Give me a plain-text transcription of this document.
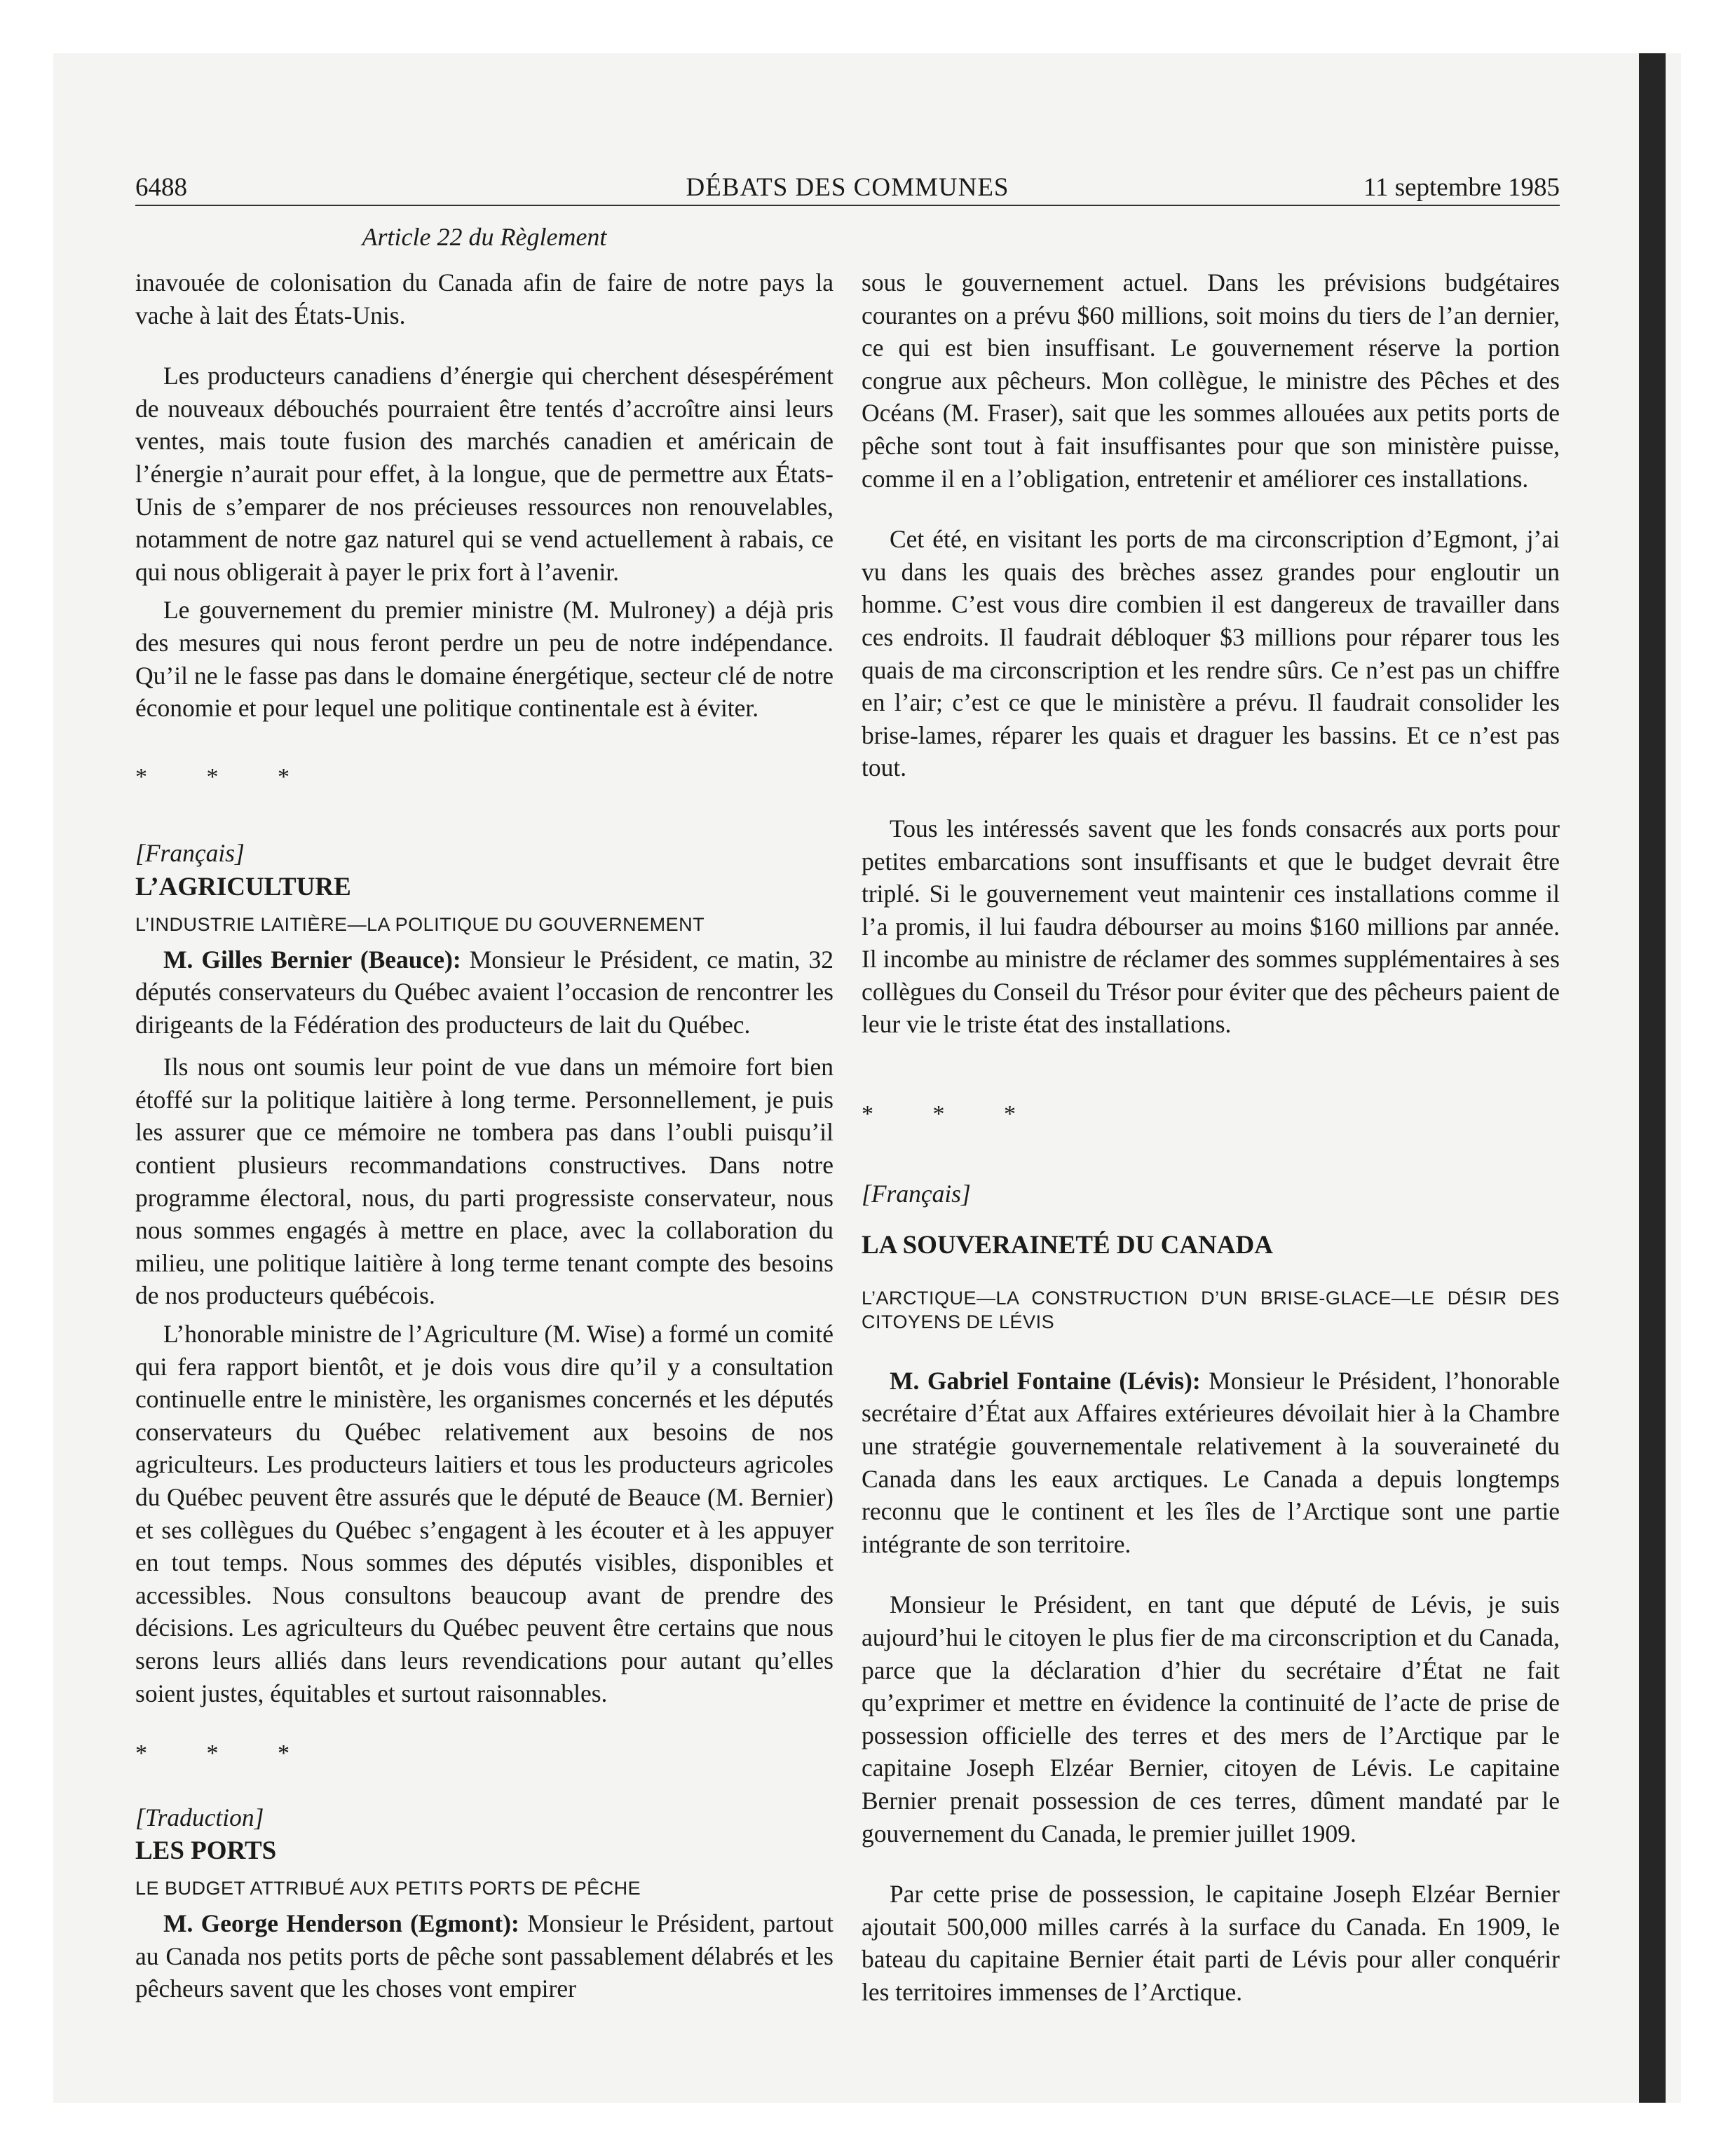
6488	DÉBATS DES COMMUNES	11 septembre 1985
Article 22 du Règlement

inavouée de colonisation du Canada afin de faire de notre pays la vache à lait des États-Unis.

Les producteurs canadiens d’énergie qui cherchent désespérément de nouveaux débouchés pourraient être tentés d’accroître ainsi leurs ventes, mais toute fusion des marchés canadien et américain de l’énergie n’aurait pour effet, à la longue, que de permettre aux États-Unis de s’emparer de nos précieuses ressources non renouvelables, notamment de notre gaz naturel qui se vend actuellement à rabais, ce qui nous obligerait à payer le prix fort à l’avenir.

Le gouvernement du premier ministre (M. Mulroney) a déjà pris des mesures qui nous feront perdre un peu de notre indépendance. Qu’il ne le fasse pas dans le domaine énergétique, secteur clé de notre économie et pour lequel une politique continentale est à éviter.

* * *

[Français]

L’AGRICULTURE

L’INDUSTRIE LAITIÈRE—LA POLITIQUE DU GOUVERNEMENT

M. Gilles Bernier (Beauce): Monsieur le Président, ce matin, 32 députés conservateurs du Québec avaient l’occasion de rencontrer les dirigeants de la Fédération des producteurs de lait du Québec.

Ils nous ont soumis leur point de vue dans un mémoire fort bien étoffé sur la politique laitière à long terme. Personnellement, je puis les assurer que ce mémoire ne tombera pas dans l’oubli puisqu’il contient plusieurs recommandations constructives. Dans notre programme électoral, nous, du parti progressiste conservateur, nous nous sommes engagés à mettre en place, avec la collaboration du milieu, une politique laitière à long terme tenant compte des besoins de nos producteurs québécois.

L’honorable ministre de l’Agriculture (M. Wise) a formé un comité qui fera rapport bientôt, et je dois vous dire qu’il y a consultation continuelle entre le ministère, les organismes concernés et les députés conservateurs du Québec relativement aux besoins de nos agriculteurs. Les producteurs laitiers et tous les producteurs agricoles du Québec peuvent être assurés que le député de Beauce (M. Bernier) et ses collègues du Québec s’engagent à les écouter et à les appuyer en tout temps. Nous sommes des députés visibles, disponibles et accessibles. Nous consultons beaucoup avant de prendre des décisions. Les agriculteurs du Québec peuvent être certains que nous serons leurs alliés dans leurs revendications pour autant qu’elles soient justes, équitables et surtout raisonnables.

* * *

[Traduction]

LES PORTS

LE BUDGET ATTRIBUÉ AUX PETITS PORTS DE PÊCHE

M. George Henderson (Egmont): Monsieur le Président, partout au Canada nos petits ports de pêche sont passablement délabrés et les pêcheurs savent que les choses vont empirer

sous le gouvernement actuel. Dans les prévisions budgétaires courantes on a prévu $60 millions, soit moins du tiers de l’an dernier, ce qui est bien insuffisant. Le gouvernement réserve la portion congrue aux pêcheurs. Mon collègue, le ministre des Pêches et des Océans (M. Fraser), sait que les sommes allouées aux petits ports de pêche sont tout à fait insuffisantes pour que son ministère puisse, comme il en a l’obligation, entretenir et améliorer ces installations.

Cet été, en visitant les ports de ma circonscription d’Egmont, j’ai vu dans les quais des brèches assez grandes pour engloutir un homme. C’est vous dire combien il est dangereux de travailler dans ces endroits. Il faudrait débloquer $3 millions pour réparer tous les quais de ma circonscription et les rendre sûrs. Ce n’est pas un chiffre en l’air; c’est ce que le ministère a prévu. Il faudrait consolider les brise-lames, réparer les quais et draguer les bassins. Et ce n’est pas tout.

Tous les intéressés savent que les fonds consacrés aux ports pour petites embarcations sont insuffisants et que le budget devrait être triplé. Si le gouvernement veut maintenir ces installations comme il l’a promis, il lui faudra débourser au moins $160 millions par année. Il incombe au ministre de réclamer des sommes supplémentaires à ses collègues du Conseil du Trésor pour éviter que des pêcheurs paient de leur vie le triste état des installations.

* * *

[Français]

LA SOUVERAINETÉ DU CANADA

L’ARCTIQUE—LA CONSTRUCTION D’UN BRISE-GLACE—LE DÉSIR DES CITOYENS DE LÉVIS

M. Gabriel Fontaine (Lévis): Monsieur le Président, l’honorable secrétaire d’État aux Affaires extérieures dévoilait hier à la Chambre une stratégie gouvernementale relativement à la souveraineté du Canada dans les eaux arctiques. Le Canada a depuis longtemps reconnu que le continent et les îles de l’Arctique sont une partie intégrante de son territoire.

Monsieur le Président, en tant que député de Lévis, je suis aujourd’hui le citoyen le plus fier de ma circonscription et du Canada, parce que la déclaration d’hier du secrétaire d’État ne fait qu’exprimer et mettre en évidence la continuité de l’acte de prise de possession officielle des terres et des mers de l’Arctique par le capitaine Joseph Elzéar Bernier, citoyen de Lévis. Le capitaine Bernier prenait possession de ces terres, dûment mandaté par le gouvernement du Canada, le premier juillet 1909.

Par cette prise de possession, le capitaine Joseph Elzéar Bernier ajoutait 500,000 milles carrés à la surface du Canada. En 1909, le bateau du capitaine Bernier était parti de Lévis pour aller conquérir les territoires immenses de l’Arctique.
